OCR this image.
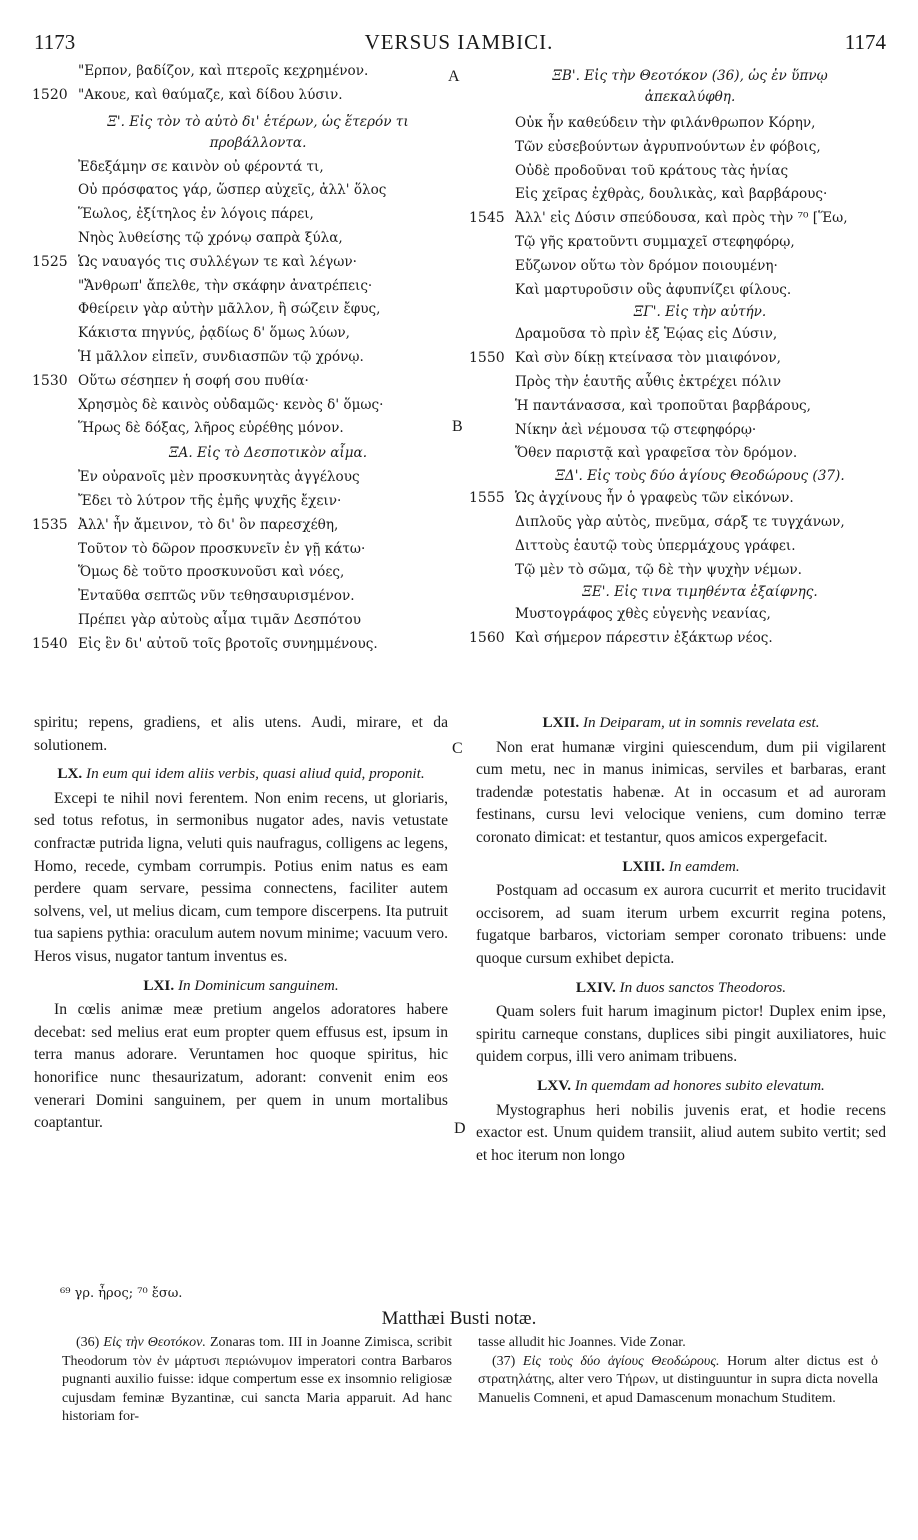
1173	VERSUS IAMBICI.	1174
"Ερπον, βαδίζον, καὶ πτεροῖς κεχρημένον.
1520 "Ακουε, καὶ θαύμαζε, καὶ δίδου λύσιν.
Ξ'. Εἰς τὸν τὸ αὐτὸ δι' ἑτέρων, ὡς ἕτερόν τι προβάλλοντα.
Ἐδεξάμην σε καινὸν οὐ φέροντά τι,
Οὐ πρόσφατος γάρ, ὥσπερ αὐχεῖς, ἀλλ' ὅλος
Ἕωλος, ἐξίτηλος ἐν λόγοις πάρει,
Νηὸς λυθείσης τῷ χρόνῳ σαπρὰ ξύλα,
1525 Ὡς ναυαγός τις συλλέγων τε καὶ λέγων·
"Ἄνθρωπ' ἄπελθε, τὴν σκάφην ἀνατρέπεις·
Φθείρειν γὰρ αὐτὴν μᾶλλον, ἢ σώζειν ἔφυς,
Κάκιστα πηγνύς, ῥᾳδίως δ' ὅμως λύων,
Ἡ μᾶλλον εἰπεῖν, συνδιασπῶν τῷ χρόνῳ.
1530 Οὕτω σέσηπεν ἡ σοφή σου πυθία·
Χρησμὸς δὲ καινὸς οὐδαμῶς· κενὸς δ' ὅμως·
Ἥρως δὲ δόξας, λῆρος εὑρέθης μόνον.
ΞΑ. Εἰς τὸ Δεσποτικὸν αἷμα.
Ἐν οὐρανοῖς μὲν προσκυνητὰς ἀγγέλους
Ἔδει τὸ λύτρον τῆς ἐμῆς ψυχῆς ἔχειν·
1535 Ἀλλ' ἦν ἄμεινον, τὸ δι' ὃν παρεσχέθη,
Τοῦτον τὸ δῶρον προσκυνεῖν ἐν γῇ κάτω·
Ὅμως δὲ τοῦτο προσκυνοῦσι καὶ νόες,
Ἐνταῦθα σεπτῶς νῦν τεθησαυρισμένον.
Πρέπει γὰρ αὐτοὺς αἷμα τιμᾶν Δεσπότου
1540 Εἰς ἓν δι' αὐτοῦ τοῖς βροτοῖς συνημμένους.
ΞΒ'. Εἰς τὴν Θεοτόκον (36), ὡς ἐν ὕπνῳ ἀπεκαλύφθη.
Οὐκ ἦν καθεύδειν τὴν φιλάνθρωπον Κόρην,
Τῶν εὐσεβούντων ἀγρυπνούντων ἐν φόβοις,
Οὐδὲ προδοῦναι τοῦ κράτους τὰς ἡνίας
Εἰς χεῖρας ἐχθρὰς, δουλικὰς, καὶ βαρβάρους·
1545 Ἀλλ' εἰς Δύσιν σπεύδουσα, καὶ πρὸς τὴν ⁷⁰ [Ἕω,
Τῷ γῆς κρατοῦντι συμμαχεῖ στεφηφόρῳ,
Εὔζωνον οὕτω τὸν δρόμον ποιουμένη·
Καὶ μαρτυροῦσιν οὓς ἀφυπνίζει φίλους.
ΞΓ'. Εἰς τὴν αὐτήν.
Δραμοῦσα τὸ πρὶν ἐξ Ἑῴας εἰς Δύσιν,
1550 Καὶ σὺν δίκῃ κτείνασα τὸν μιαιφόνον,
Πρὸς τὴν ἑαυτῆς αὖθις ἐκτρέχει πόλιν
Ἡ παντάνασσα, καὶ τροποῦται βαρβάρους,
Νίκην ἀεὶ νέμουσα τῷ στεφηφόρῳ·
Ὅθεν παριστᾷ καὶ γραφεῖσα τὸν δρόμον.
ΞΔ'. Εἰς τοὺς δύο ἁγίους Θεοδώρους (37).
1555 Ὡς ἀγχίνους ἦν ὁ γραφεὺς τῶν εἰκόνων.
Διπλοῦς γὰρ αὐτὸς, πνεῦμα, σάρξ τε τυγχάνων,
Διττοὺς ἑαυτῷ τοὺς ὑπερμάχους γράφει.
Τῷ μὲν τὸ σῶμα, τῷ δὲ τὴν ψυχὴν νέμων.
ΞΕ'. Εἰς τινα τιμηθέντα ἐξαίφνης.
Μυστογράφος χθὲς εὐγενὴς νεανίας,
1560 Καὶ σήμερον πάρεστιν ἐξάκτωρ νέος.
A
B
C
D

spiritu; repens, gradiens, et alis utens. Audi, mirare, et da solutionem.

LX. In eum qui idem aliis verbis, quasi aliud quid, proponit.

Excepi te nihil novi ferentem. Non enim recens, ut gloriaris, sed totus refotus, in sermonibus nugator ades, navis vetustate confractæ putrida ligna, veluti quis naufragus, colligens ac legens, Homo, recede, cymbam corrumpis. Potius enim natus es eam perdere quam servare, pessima connectens, faciliter autem solvens, vel, ut melius dicam, cum tempore discerpens. Ita putruit tua sapiens pythia: oraculum autem novum minime; vacuum vero. Heros visus, nugator tantum inventus es.

LXI. In Dominicum sanguinem.

In cœlis animæ meæ pretium angelos adoratores habere decebat: sed melius erat eum propter quem effusus est, ipsum in terra manus adorare. Veruntamen hoc quoque spiritus, hic honorifice nunc thesaurizatum, adorant: convenit enim eos venerari Domini sanguinem, per quem in unum mortalibus coaptantur.

LXII. In Deiparam, ut in somnis revelata est.

Non erat humanæ virgini quiescendum, dum pii vigilarent cum metu, nec in manus inimicas, serviles et barbaras, erant tradendæ potestatis habenæ. At in occasum et ad auroram festinans, cursu levi velocique veniens, cum domino terræ coronato dimicat: et testantur, quos amicos expergefacit.

LXIII. In eamdem.

Postquam ad occasum ex aurora cucurrit et merito trucidavit occisorem, ad suam iterum urbem excurrit regina potens, fugatque barbaros, victoriam semper coronato tribuens: unde quoque cursum exhibet depicta.

LXIV. In duos sanctos Theodoros.

Quam solers fuit harum imaginum pictor! Duplex enim ipse, spiritu carneque constans, duplices sibi pingit auxiliatores, huic quidem corpus, illi vero animam tribuens.

LXV. In quemdam ad honores subito elevatum.

Mystographus heri nobilis juvenis erat, et hodie recens exactor est. Unum quidem transiit, aliud autem subito vertit; sed et hoc iterum non longo

⁶⁹ γρ. ἦρος; ⁷⁰ ἔσω.
Matthæi Busti notæ.

(36) Εἰς τὴν Θεοτόκον. Zonaras tom. III in Joanne Zimisca, scribit Theodorum τὸν ἐν μάρτυσι περιώνυμον imperatori contra Barbaros pugnanti auxilio fuisse: idque compertum esse ex insomnio religiosæ cujusdam feminæ Byzantinæ, cui sancta Maria apparuit. Ad hanc historiam for-

tasse alludit hic Joannes. Vide Zonar.

(37) Εἰς τοὺς δύο ἁγίους Θεοδώρους. Horum alter dictus est ὁ στρατηλάτης, alter vero Τήρων, ut distinguuntur in supra dicta novella Manuelis Comneni, et apud Damascenum monachum Studitem.
